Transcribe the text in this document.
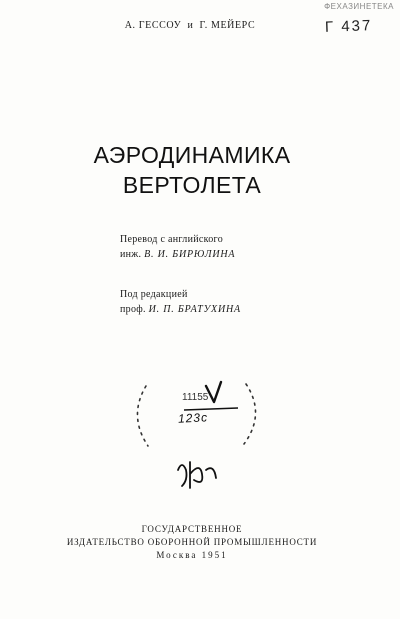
ФЕХАЗИНЕТЕКА
Г 437
А. ГЕССОУ и Г. МЕЙЕРС
АЭРОДИНАМИКА
ВЕРТОЛЕТА
Перевод с английского
инж. В. И. БИРЮЛИНА
Под редакцией
проф. И. П. БРАТУХИНА
11155
123с
ГОСУДАРСТВЕННОЕ
ИЗДАТЕЛЬСТВО ОБОРОННОЙ ПРОМЫШЛЕННОСТИ
Москва 1951
